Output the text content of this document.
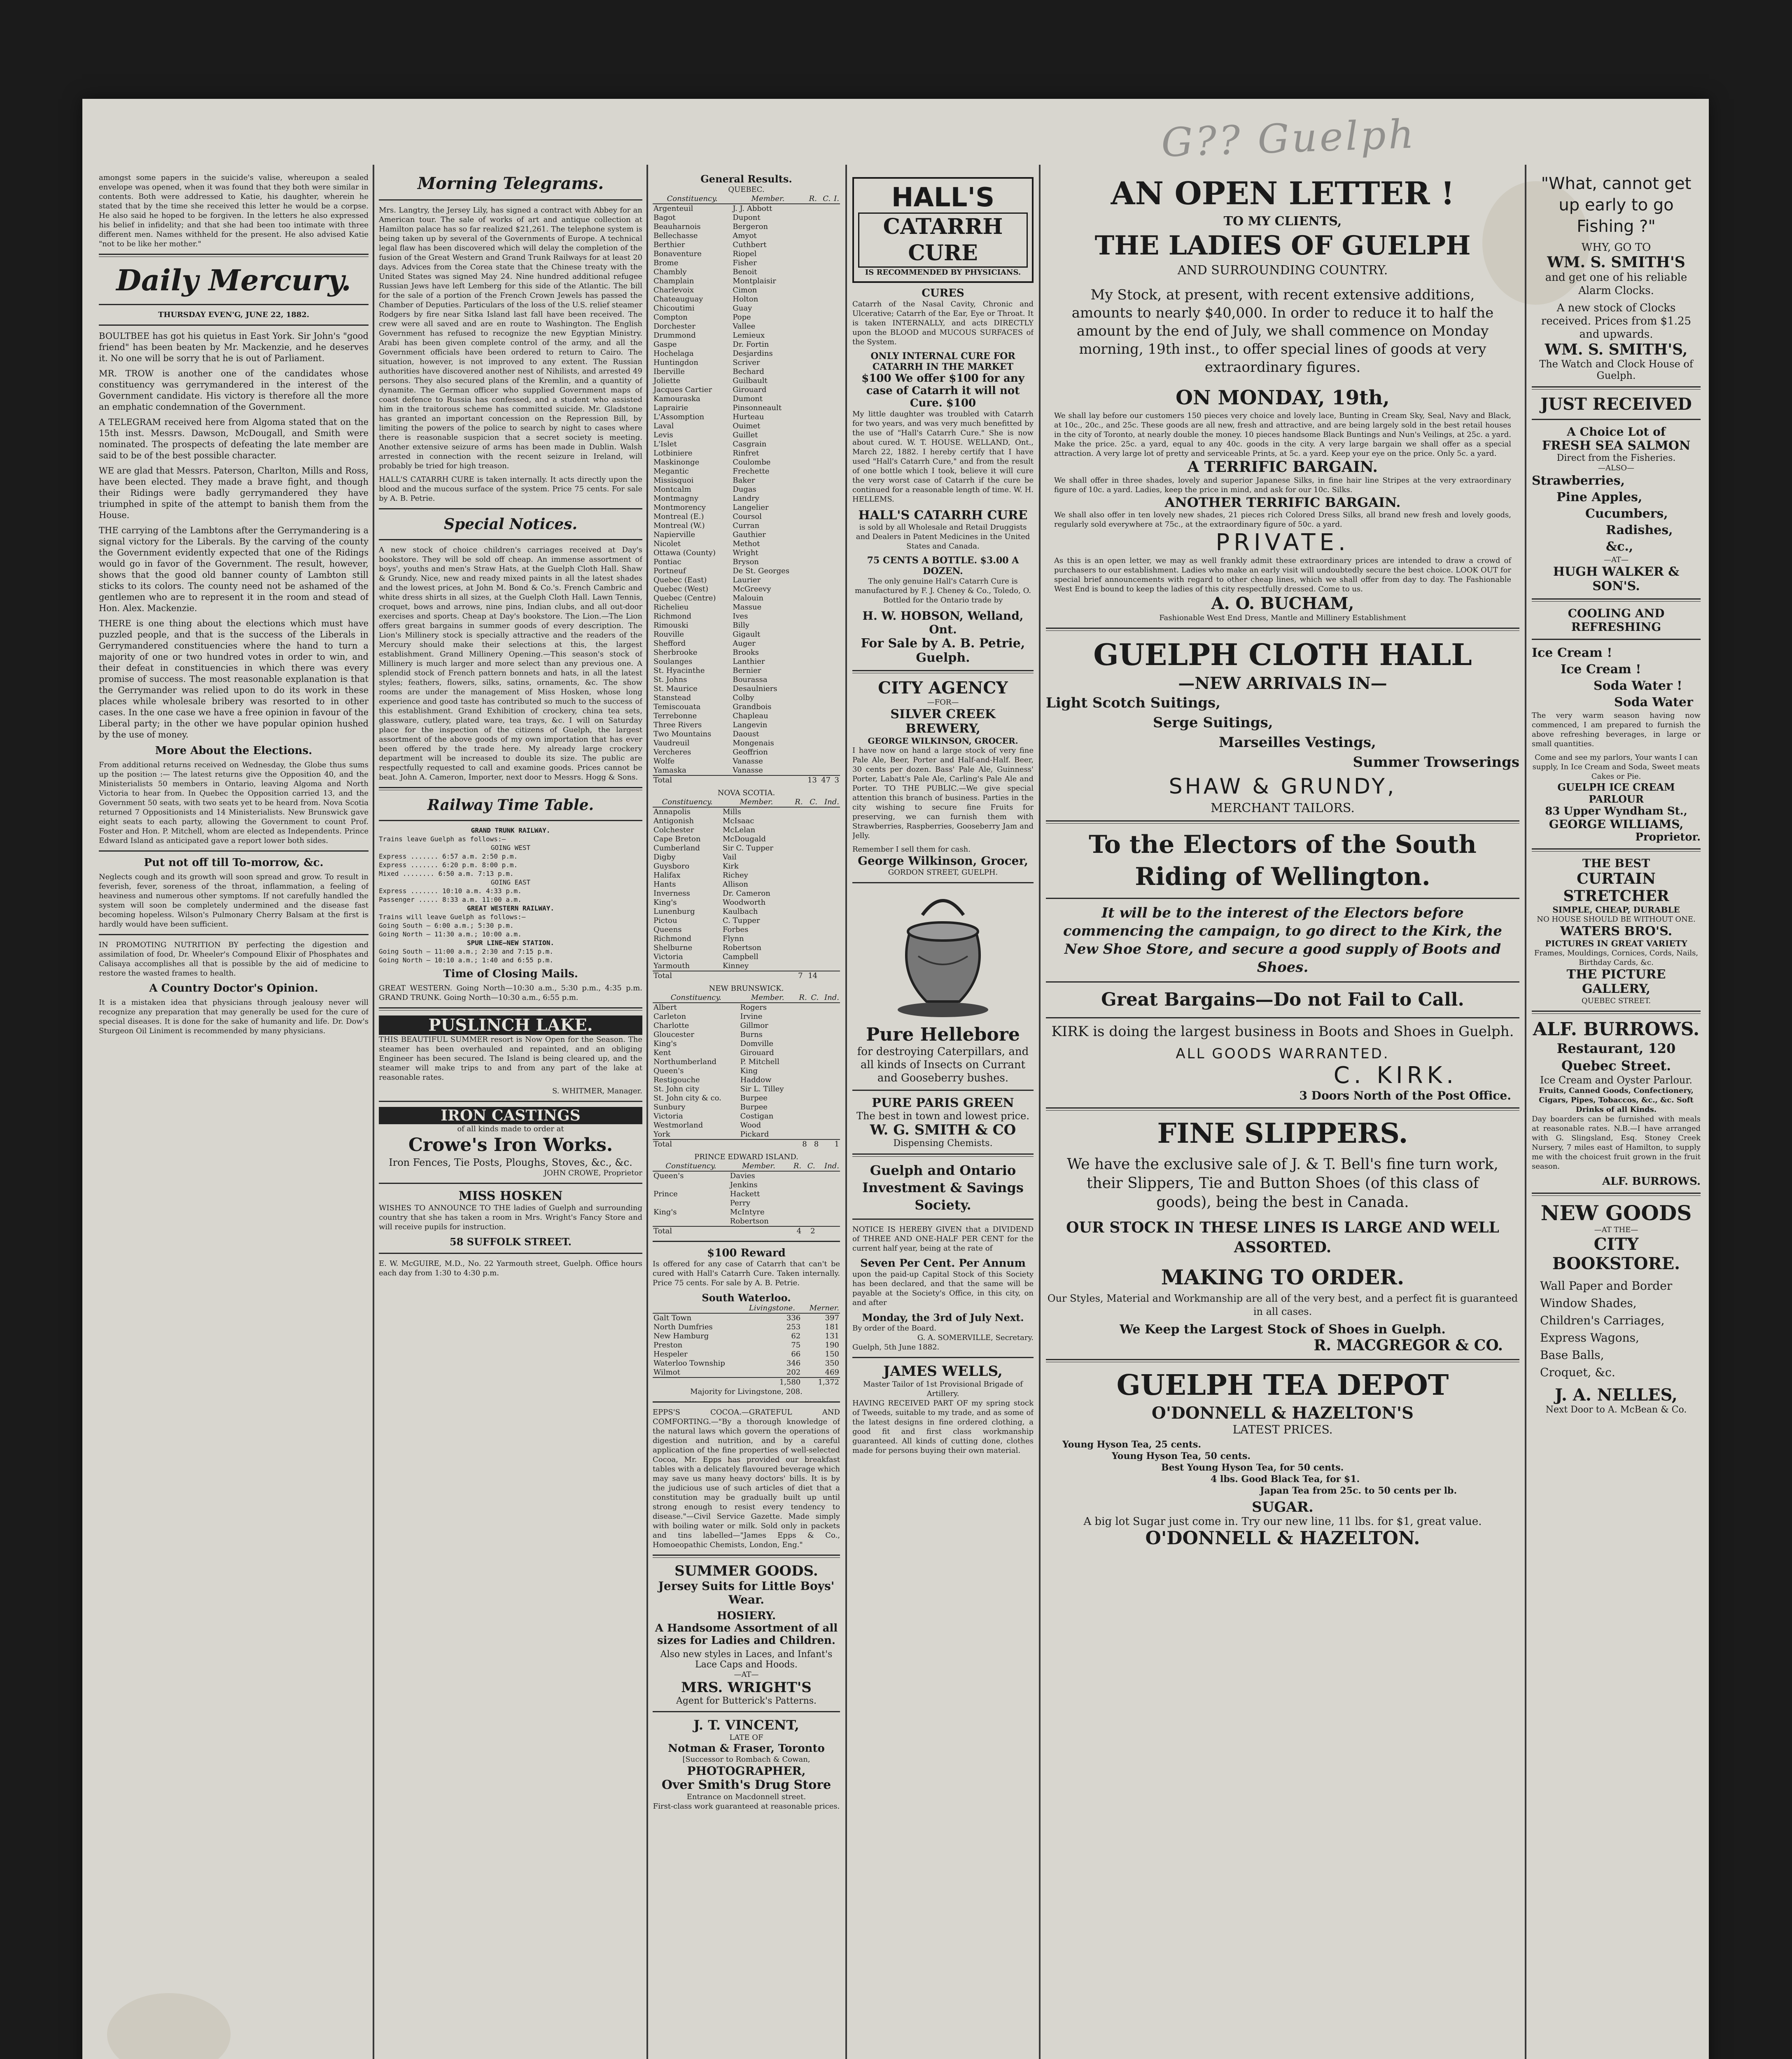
G?? Guelph

amongst some papers in the suicide's valise, whereupon a sealed envelope was opened, when it was found that they both were similar in contents. Both were addressed to Katie, his daughter, wherein he stated that by the time she received this letter he would be a corpse. He also said he hoped to be forgiven. In the letters he also expressed his belief in infidelity; and that she had been too intimate with three different men. Names withheld for the present. He also advised Katie "not to be like her mother."

Daily Mercury.
THURSDAY EVEN'G, JUNE 22, 1882.

BOULTBEE has got his quietus in East York. Sir John's "good friend" has been beaten by Mr. Mackenzie, and he deserves it. No one will be sorry that he is out of Parliament.

MR. TROW is another one of the candidates whose constituency was gerrymandered in the interest of the Government candidate. His victory is therefore all the more an emphatic condemnation of the Government.

A TELEGRAM received here from Algoma stated that on the 15th inst. Messrs. Dawson, McDougall, and Smith were nominated. The prospects of defeating the late member are said to be of the best possible character.

WE are glad that Messrs. Paterson, Charlton, Mills and Ross, have been elected. They made a brave fight, and though their Ridings were badly gerrymandered they have triumphed in spite of the attempt to banish them from the House.

THE carrying of the Lambtons after the Gerrymandering is a signal victory for the Liberals. By the carving of the county the Government evidently expected that one of the Ridings would go in favor of the Government. The result, however, shows that the good old banner county of Lambton still sticks to its colors. The county need not be ashamed of the gentlemen who are to represent it in the room and stead of Hon. Alex. Mackenzie.

THERE is one thing about the elections which must have puzzled people, and that is the success of the Liberals in Gerrymandered constituencies where the hand to turn a majority of one or two hundred votes in order to win, and their defeat in constituencies in which there was every promise of success. The most reasonable explanation is that the Gerrymander was relied upon to do its work in these places while wholesale bribery was resorted to in other cases. In the one case we have a free opinion in favour of the Liberal party; in the other we have popular opinion hushed by the use of money.

More About the Elections.

From additional returns received on Wednesday, the Globe thus sums up the position :— The latest returns give the Opposition 40, and the Ministerialists 50 members in Ontario, leaving Algoma and North Victoria to hear from. In Quebec the Opposition carried 13, and the Government 50 seats, with two seats yet to be heard from. Nova Scotia returned 7 Oppositionists and 14 Ministerialists. New Brunswick gave eight seats to each party, allowing the Government to count Prof. Foster and Hon. P. Mitchell, whom are elected as Independents. Prince Edward Island as anticipated gave a report lower both sides.

Put not off till To-morrow, &c.

Neglects cough and its growth will soon spread and grow. To result in feverish, fever, soreness of the throat, inflammation, a feeling of heaviness and numerous other symptoms. If not carefully handled the system will soon be completely undermined and the disease fast becoming hopeless. Wilson's Pulmonary Cherry Balsam at the first is hardly would have been sufficient.

IN PROMOTING NUTRITION BY perfecting the digestion and assimilation of food, Dr. Wheeler's Compound Elixir of Phosphates and Calisaya accomplishes all that is possible by the aid of medicine to restore the wasted frames to health.

A Country Doctor's Opinion.

It is a mistaken idea that physicians through jealousy never will recognize any preparation that may generally be used for the cure of special diseases. It is done for the sake of humanity and life. Dr. Dow's Sturgeon Oil Liniment is recommended by many physicians.

Morning Telegrams.

Mrs. Langtry, the Jersey Lily, has signed a contract with Abbey for an American tour. The sale of works of art and antique collection at Hamilton palace has so far realized $21,261. The telephone system is being taken up by several of the Governments of Europe. A technical legal flaw has been discovered which will delay the completion of the fusion of the Great Western and Grand Trunk Railways for at least 20 days. Advices from the Corea state that the Chinese treaty with the United States was signed May 24. Nine hundred additional refugee Russian Jews have left Lemberg for this side of the Atlantic. The bill for the sale of a portion of the French Crown Jewels has passed the Chamber of Deputies. Particulars of the loss of the U.S. relief steamer Rodgers by fire near Sitka Island last fall have been received. The crew were all saved and are en route to Washington. The English Government has refused to recognize the new Egyptian Ministry. Arabi has been given complete control of the army, and all the Government officials have been ordered to return to Cairo. The situation, however, is not improved to any extent. The Russian authorities have discovered another nest of Nihilists, and arrested 49 persons. They also secured plans of the Kremlin, and a quantity of dynamite. The German officer who supplied Government maps of coast defence to Russia has confessed, and a student who assisted him in the traitorous scheme has committed suicide. Mr. Gladstone has granted an important concession on the Repression Bill, by limiting the powers of the police to search by night to cases where there is reasonable suspicion that a secret society is meeting. Another extensive seizure of arms has been made in Dublin. Walsh arrested in connection with the recent seizure in Ireland, will probably be tried for high treason.

HALL'S CATARRH CURE is taken internally. It acts directly upon the blood and the mucous surface of the system. Price 75 cents. For sale by A. B. Petrie.

Special Notices.

A new stock of choice children's carriages received at Day's bookstore. They will be sold off cheap. An immense assortment of boys', youths and men's Straw Hats, at the Guelph Cloth Hall. Shaw & Grundy. Nice, new and ready mixed paints in all the latest shades and the lowest prices, at John M. Bond & Co.'s. French Cambric and white dress shirts in all sizes, at the Guelph Cloth Hall. Lawn Tennis, croquet, bows and arrows, nine pins, Indian clubs, and all out-door exercises and sports. Cheap at Day's bookstore. The Lion.—The Lion offers great bargains in summer goods of every description. The Lion's Millinery stock is specially attractive and the readers of the Mercury should make their selections at this, the largest establishment. Grand Millinery Opening.—This season's stock of Millinery is much larger and more select than any previous one. A splendid stock of French pattern bonnets and hats, in all the latest styles; feathers, flowers, silks, satins, ornaments, &c. The show rooms are under the management of Miss Hosken, whose long experience and good taste has contributed so much to the success of this establishment. Grand Exhibition of crockery, china tea sets, glassware, cutlery, plated ware, tea trays, &c. I will on Saturday place for the inspection of the citizens of Guelph, the largest assortment of the above goods of my own importation that has ever been offered by the trade here. My already large crockery department will be increased to double its size. The public are respectfully requested to call and examine goods. Prices cannot be beat. John A. Cameron, Importer, next door to Messrs. Hogg & Sons.

Railway Time Table.
GRAND TRUNK RAILWAY.
Trains leave Guelph as follows:—
GOING WEST
Express ....... 6:57 a.m. 2:50 p.m.
Express ....... 6:20 p.m. 8:00 p.m.
Mixed ........ 6:50 a.m. 7:13 p.m.
GOING EAST
Express ....... 10:10 a.m. 4:33 p.m.
Passenger ..... 8:33 a.m. 11:00 a.m.
GREAT WESTERN RAILWAY.
Trains will leave Guelph as follows:—
Going South — 6:00 a.m.; 5:30 p.m.
Going North — 11:30 a.m.; 10:00 a.m.
SPUR LINE—NEW STATION.
Going South — 11:00 a.m.; 2:30 and 7:15 p.m.
Going North — 10:10 a.m.; 1:40 and 6:55 p.m.
Time of Closing Mails.

GREAT WESTERN. Going North—10:30 a.m., 5:30 p.m., 4:35 p.m. GRAND TRUNK. Going North—10:30 a.m., 6:55 p.m.

PUSLINCH LAKE.

THIS BEAUTIFUL SUMMER resort is Now Open for the Season. The steamer has been overhauled and repainted, and an obliging Engineer has been secured. The Island is being cleared up, and the steamer will make trips to and from any part of the lake at reasonable rates.

S. WHITMER, Manager.
IRON CASTINGS
of all kinds made to order at
Crowe's Iron Works.
Iron Fences, Tie Posts, Ploughs, Stoves, &c., &c.
JOHN CROWE, Proprietor
MISS HOSKEN

WISHES TO ANNOUNCE TO THE ladies of Guelph and surrounding country that she has taken a room in Mrs. Wright's Fancy Store and will receive pupils for instruction.

58 SUFFOLK STREET.

E. W. McGUIRE, M.D., No. 22 Yarmouth street, Guelph. Office hours each day from 1:30 to 4:30 p.m.

General Results.
QUEBEC.
Constituency.	Member.	R.	C.	I.
Argenteuil	J. J. Abbott			
Bagot	Dupont			
Beauharnois	Bergeron			
Bellechasse	Amyot			
Berthier	Cuthbert			
Bonaventure	Riopel			
Brome	Fisher			
Chambly	Benoit			
Champlain	Montplaisir			
Charlevoix	Cimon			
Chateauguay	Holton			
Chicoutimi	Guay			
Compton	Pope			
Dorchester	Vallee			
Drummond	Lemieux			
Gaspe	Dr. Fortin			
Hochelaga	Desjardins			
Huntingdon	Scriver			
Iberville	Bechard			
Joliette	Guilbault			
Jacques Cartier	Girouard			
Kamouraska	Dumont			
Laprairie	Pinsonneault			
L'Assomption	Hurteau			
Laval	Ouimet			
Levis	Guillet			
L'Islet	Casgrain			
Lotbiniere	Rinfret			
Maskinonge	Coulombe			
Megantic	Frechette			
Missisquoi	Baker			
Montcalm	Dugas			
Montmagny	Landry			
Montmorency	Langelier			
Montreal (E.)	Coursol			
Montreal (W.)	Curran			
Napierville	Gauthier			
Nicolet	Methot			
Ottawa (County)	Wright			
Pontiac	Bryson			
Portneuf	De St. Georges			
Quebec (East)	Laurier			
Quebec (West)	McGreevy			
Quebec (Centre)	Malouin			
Richelieu	Massue			
Richmond	Ives			
Rimouski	Billy			
Rouville	Gigault			
Shefford	Auger			
Sherbrooke	Brooks			
Soulanges	Lanthier			
St. Hyacinthe	Bernier			
St. Johns	Bourassa			
St. Maurice	Desaulniers			
Stanstead	Colby			
Temiscouata	Grandbois			
Terrebonne	Chapleau			
Three Rivers	Langevin			
Two Mountains	Daoust			
Vaudreuil	Mongenais			
Vercheres	Geoffrion			
Wolfe	Vanasse			
Yamaska	Vanasse			
Total		13	47	3
NOVA SCOTIA.
Constituency.	Member.	R.	C.	Ind.
Annapolis	Mills			
Antigonish	McIsaac			
Colchester	McLelan			
Cape Breton	McDougald			
Cumberland	Sir C. Tupper			
Digby	Vail			
Guysboro	Kirk			
Halifax	Richey			
Hants	Allison			
Inverness	Dr. Cameron			
King's	Woodworth			
Lunenburg	Kaulbach			
Pictou	C. Tupper			
Queens	Forbes			
Richmond	Flynn			
Shelburne	Robertson			
Victoria	Campbell			
Yarmouth	Kinney			
Total		7	14	
NEW BRUNSWICK.
Constituency.	Member.	R.	C.	Ind.
Albert	Rogers			
Carleton	Irvine			
Charlotte	Gillmor			
Gloucester	Burns			
King's	Domville			
Kent	Girouard			
Northumberland	P. Mitchell			
Queen's	King			
Restigouche	Haddow			
St. John city	Sir L. Tilley			
St. John city & co.	Burpee			
Sunbury	Burpee			
Victoria	Costigan			
Westmorland	Wood			
York	Pickard			
Total		8	8	1
PRINCE EDWARD ISLAND.
Constituency.	Member.	R.	C.	Ind.
Queen's	Davies			
	Jenkins			
Prince	Hackett			
	Perry			
King's	McIntyre			
	Robertson			
Total		4	2	
$100 Reward

Is offered for any case of Catarrh that can't be cured with Hall's Catarrh Cure. Taken internally. Price 75 cents. For sale by A. B. Petrie.

South Waterloo.
	Livingstone.	Merner.
Galt Town	336	397
North Dumfries	253	181
New Hamburg	62	131
Preston	75	190
Hespeler	66	150
Waterloo Township	346	350
Wilmot	202	469
	1,580	1,372
Majority for Livingstone, 208.

EPPS'S COCOA.—GRATEFUL AND COMFORTING.—"By a thorough knowledge of the natural laws which govern the operations of digestion and nutrition, and by a careful application of the fine properties of well-selected Cocoa, Mr. Epps has provided our breakfast tables with a delicately flavoured beverage which may save us many heavy doctors' bills. It is by the judicious use of such articles of diet that a constitution may be gradually built up until strong enough to resist every tendency to disease."—Civil Service Gazette. Made simply with boiling water or milk. Sold only in packets and tins labelled—"James Epps & Co., Homoeopathic Chemists, London, Eng."

SUMMER GOODS.
Jersey Suits for Little Boys' Wear.
HOSIERY.
A Handsome Assortment of all sizes for Ladies and Children.

Also new styles in Laces, and Infant's Lace Caps and Hoods.

—AT—
MRS. WRIGHT'S
Agent for Butterick's Patterns.
J. T. VINCENT,
LATE OF
Notman & Fraser, Toronto
[Successor to Rombach & Cowan,
PHOTOGRAPHER,
Over Smith's Drug Store
Entrance on Macdonnell street.
First-class work guaranteed at reasonable prices.
HALL'S
CATARRH CURE
IS RECOMMENDED BY PHYSICIANS.
CURES

Catarrh of the Nasal Cavity, Chronic and Ulcerative; Catarrh of the Ear, Eye or Throat. It is taken INTERNALLY, and acts DIRECTLY upon the BLOOD and MUCOUS SURFACES of the System.

ONLY INTERNAL CURE FOR CATARRH IN THE MARKET
$100 We offer $100 for any case of Catarrh it will not Cure. $100

My little daughter was troubled with Catarrh for two years, and was very much benefitted by the use of "Hall's Catarrh Cure." She is now about cured. W. T. HOUSE. WELLAND, Ont., March 22, 1882. I hereby certify that I have used "Hall's Catarrh Cure," and from the result of one bottle which I took, believe it will cure the very worst case of Catarrh if the cure be continued for a reasonable length of time. W. H. HELLEMS.

HALL'S CATARRH CURE

is sold by all Wholesale and Retail Druggists and Dealers in Patent Medicines in the United States and Canada.

75 CENTS A BOTTLE. $3.00 A DOZEN.

The only genuine Hall's Catarrh Cure is manufactured by F. J. Cheney & Co., Toledo, O. Bottled for the Ontario trade by

H. W. HOBSON, Welland, Ont.
For Sale by A. B. Petrie, Guelph.
CITY AGENCY
—FOR—
SILVER CREEK BREWERY,
GEORGE WILKINSON, GROCER.

I have now on hand a large stock of very fine Pale Ale, Beer, Porter and Half-and-Half. Beer, 30 cents per dozen. Bass' Pale Ale, Guinness' Porter, Labatt's Pale Ale, Carling's Pale Ale and Porter. TO THE PUBLIC.—We give special attention this branch of business. Parties in the city wishing to secure fine Fruits for preserving, we can furnish them with Strawberries, Raspberries, Gooseberry Jam and Jelly.

Remember I sell them for cash.
George Wilkinson, Grocer,
GORDON STREET, GUELPH.
Pure Hellebore

for destroying Caterpillars, and all kinds of Insects on Currant and Gooseberry bushes.

PURE PARIS GREEN

The best in town and lowest price.

W. G. SMITH & CO
Dispensing Chemists.
Guelph and Ontario Investment & Savings Society.

NOTICE IS HEREBY GIVEN that a DIVIDEND of THREE AND ONE-HALF PER CENT for the current half year, being at the rate of

Seven Per Cent. Per Annum

upon the paid-up Capital Stock of this Society has been declared, and that the same will be payable at the Society's Office, in this city, on and after

Monday, the 3rd of July Next.
By order of the Board.
G. A. SOMERVILLE, Secretary.
Guelph, 5th June 1882.
JAMES WELLS,
Master Tailor of 1st Provisional Brigade of Artillery.

HAVING RECEIVED PART OF my spring stock of Tweeds, suitable to my trade, and as some of the latest designs in fine ordered clothing, a good fit and first class workmanship guaranteed. All kinds of cutting done, clothes made for persons buying their own material.

AN OPEN LETTER !
TO MY CLIENTS,
THE LADIES OF GUELPH
AND SURROUNDING COUNTRY.

My Stock, at present, with recent extensive additions, amounts to nearly $40,000. In order to reduce it to half the amount by the end of July, we shall commence on Monday morning, 19th inst., to offer special lines of goods at very extraordinary figures.

ON MONDAY, 19th,

We shall lay before our customers 150 pieces very choice and lovely lace, Bunting in Cream Sky, Seal, Navy and Black, at 10c., 20c., and 25c. These goods are all new, fresh and attractive, and are being largely sold in the best retail houses in the city of Toronto, at nearly double the money. 10 pieces handsome Black Buntings and Nun's Veilings, at 25c. a yard. Make the price. 25c. a yard, equal to any 40c. goods in the city. A very large bargain we shall offer as a special attraction. A very large lot of pretty and serviceable Prints, at 5c. a yard. Keep your eye on the price. Only 5c. a yard.

A TERRIFIC BARGAIN.

We shall offer in three shades, lovely and superior Japanese Silks, in fine hair line Stripes at the very extraordinary figure of 10c. a yard. Ladies, keep the price in mind, and ask for our 10c. Silks.

ANOTHER TERRIFIC BARGAIN.

We shall also offer in ten lovely new shades, 21 pieces rich Colored Dress Silks, all brand new fresh and lovely goods, regularly sold everywhere at 75c., at the extraordinary figure of 50c. a yard.

PRIVATE.

As this is an open letter, we may as well frankly admit these extraordinary prices are intended to draw a crowd of purchasers to our establishment. Ladies who make an early visit will undoubtedly secure the best choice. LOOK OUT for special brief announcements with regard to other cheap lines, which we shall offer from day to day. The Fashionable West End is bound to keep the ladies of this city respectfully dressed. Come to us.

A. O. BUCHAM,
Fashionable West End Dress, Mantle and Millinery Establishment
GUELPH CLOTH HALL
—NEW ARRIVALS IN—
Light Scotch Suitings,
Serge Suitings,
Marseilles Vestings,
Summer Trowserings
SHAW & GRUNDY,
MERCHANT TAILORS.
To the Electors of the South Riding of Wellington.
It will be to the interest of the Electors before commencing the campaign, to go direct to the Kirk, the New Shoe Store, and secure a good supply of Boots and Shoes.
Great Bargains—Do not Fail to Call.
KIRK is doing the largest business in Boots and Shoes in Guelph.
ALL GOODS WARRANTED.
C. KIRK.
3 Doors North of the Post Office.
FINE SLIPPERS.

We have the exclusive sale of J. & T. Bell's fine turn work, their Slippers, Tie and Button Shoes (of this class of goods), being the best in Canada.

OUR STOCK IN THESE LINES IS LARGE AND WELL ASSORTED.
MAKING TO ORDER.

Our Styles, Material and Workmanship are all of the very best, and a perfect fit is guaranteed in all cases.

We Keep the Largest Stock of Shoes in Guelph.
R. MACGREGOR & CO.
GUELPH TEA DEPOT
O'DONNELL & HAZELTON'S
LATEST PRICES.
Young Hyson Tea, 25 cents.
Young Hyson Tea, 50 cents.
Best Young Hyson Tea, for 50 cents.
4 lbs. Good Black Tea, for $1.
Japan Tea from 25c. to 50 cents per lb.
SUGAR.

A big lot Sugar just come in. Try our new line, 11 lbs. for $1, great value.

O'DONNELL & HAZELTON.
"What, cannot get up early to go Fishing ?"
WHY, GO TO
WM. S. SMITH'S

and get one of his reliable Alarm Clocks.

A new stock of Clocks received. Prices from $1.25 and upwards.

WM. S. SMITH'S,

The Watch and Clock House of Guelph.

JUST RECEIVED
A Choice Lot of
FRESH SEA SALMON
Direct from the Fisheries.
—ALSO—
Strawberries,
Pine Apples,
Cucumbers,
Radishes, &c.,
—AT—
HUGH WALKER & SON'S.
COOLING AND REFRESHING
Ice Cream !
Ice Cream !
Soda Water !
Soda Water

The very warm season having now commenced, I am prepared to furnish the above refreshing beverages, in large or small quantities.

Come and see my parlors, Your wants I can supply, In Ice Cream and Soda, Sweet meats Cakes or Pie.

GUELPH ICE CREAM PARLOUR
83 Upper Wyndham St.,
GEORGE WILLIAMS,
Proprietor.
THE BEST
CURTAIN STRETCHER
SIMPLE, CHEAP, DURABLE
NO HOUSE SHOULD BE WITHOUT ONE.
WATERS BRO'S.
PICTURES IN GREAT VARIETY

Frames, Mouldings, Cornices, Cords, Nails, Birthday Cards, &c.

THE PICTURE GALLERY,
QUEBEC STREET.
ALF. BURROWS.
Restaurant, 120 Quebec Street.
Ice Cream and Oyster Parlour.

Fruits, Canned Goods, Confectionery, Cigars, Pipes, Tobaccos, &c., &c. Soft Drinks of all Kinds.

Day boarders can be furnished with meals at reasonable rates. N.B.—I have arranged with G. Slingsland, Esq. Stoney Creek Nursery, 7 miles east of Hamilton, to supply me with the choicest fruit grown in the fruit season.

ALF. BURROWS.
NEW GOODS
—AT THE—
CITY BOOKSTORE.
Wall Paper and Border
Window Shades,
Children's Carriages,
Express Wagons,
Base Balls,
Croquet, &c.
J. A. NELLES,
Next Door to A. McBean & Co.
